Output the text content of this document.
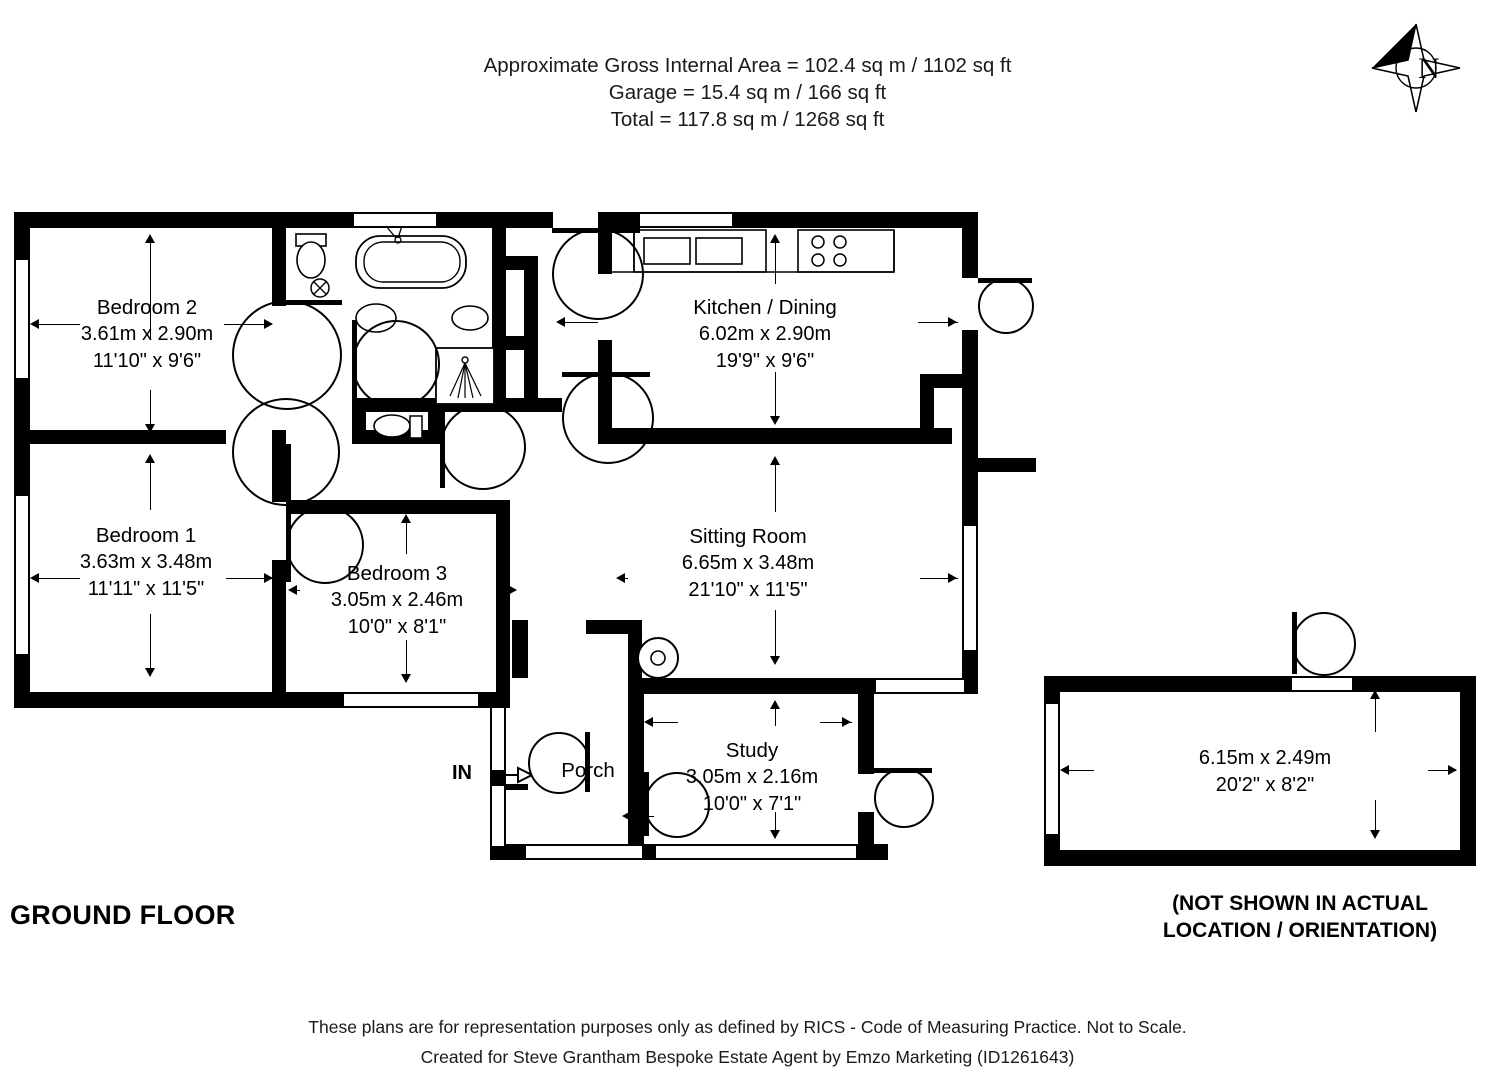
Approximate Gross Internal Area = 102.4 sq m / 1102 sq ft
Garage = 15.4 sq m / 166 sq ft
Total = 117.8 sq m / 1268 sq ft
N
Bedroom 2
3.61m x 2.90m
11'10" x 9'6"
Bedroom 1
3.63m x 3.48m
11'11" x 11'5"
Bedroom 3
3.05m x 2.46m
10'0" x 8'1"
Kitchen / Dining
6.02m x 2.90m
19'9" x 9'6"
Sitting Room
6.65m x 3.48m
21'10" x 11'5"
Study
3.05m x 2.16m
10'0" x 7'1"
Porch
IN
6.15m x 2.49m
20'2" x 8'2"
GROUND FLOOR	(NOT SHOWN IN ACTUAL
LOCATION / ORIENTATION)
These plans are for representation purposes only as defined by RICS - Code of Measuring Practice. Not to Scale.
Created for Steve Grantham Bespoke Estate Agent by Emzo Marketing (ID1261643)
